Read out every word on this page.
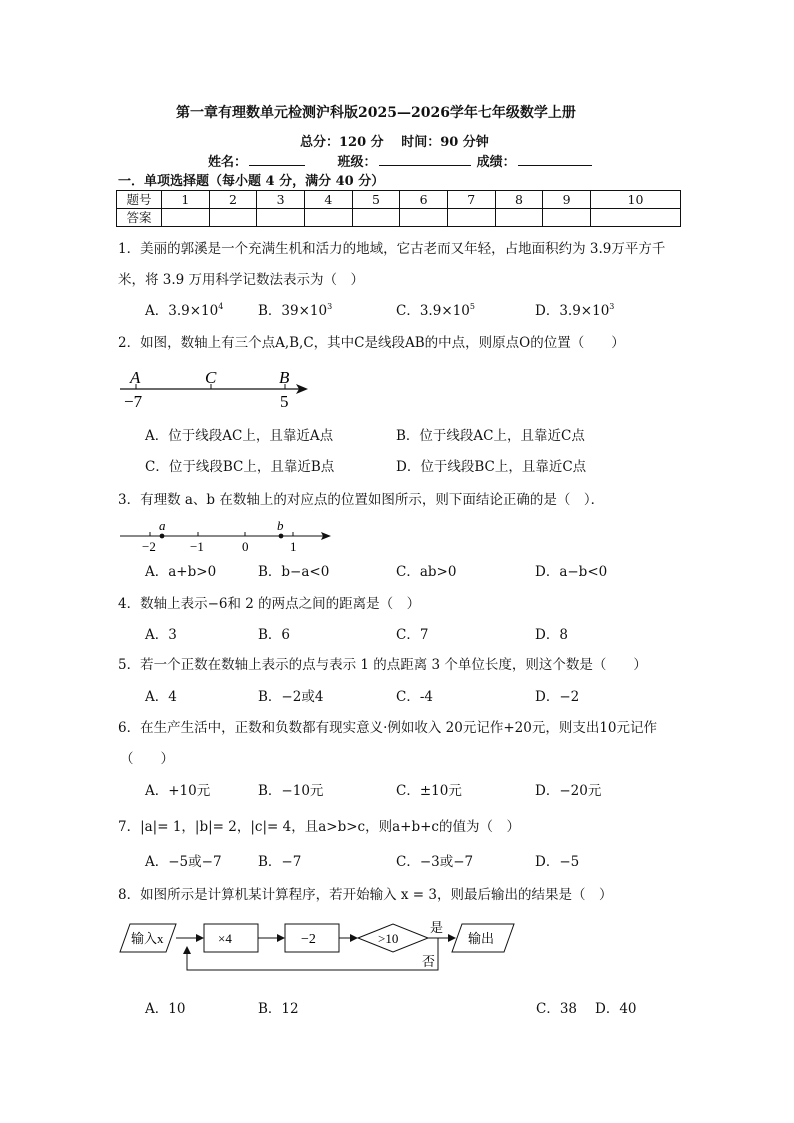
第一章有理数单元检测沪科版2025—2026学年七年级数学上册
总分：120 分　 时间：90 分钟
姓名：	班级：	成绩：
一．单项选择题（每小题 4 分，满分 40 分）
题号	1	2	3	4	5	6	7	8	9	10
答案										
1．美丽的郭溪是一个充满生机和活力的地域，它古老而又年轻，占地面积约为 3.9万平方千
米，将 3.9 万用科学记数法表示为（　）
A．$3.9\times 10^4$	B．$39\times 10^3$	C．$3.9\times 10^5$	D．$3.9\times 10^3$
2．如图，数轴上有三个点A,B,C，其中C是线段AB的中点，则原点O的位置（　　）
A	C	B
−7	5
A．位于线段AC上，且靠近A点	B．位于线段AC上，且靠近C点
C．位于线段BC上，且靠近B点	D．位于线段BC上，且靠近C点
3．有理数 a、b 在数轴上的对应点的位置如图所示，则下面结论正确的是（　）．
a	b
−2	−1	0	1
A．a+b>0	B．b−a<0	C．ab>0	D．a−b<0
4．数轴上表示−6和 2 的两点之间的距离是（　）
A．3	B．6	C．7	D．8
5．若一个正数在数轴上表示的点与表示 1 的点距离 3 个单位长度，则这个数是（　　）
A．4	B．−2或4	C．‐4	D．−2
6．在生产生活中，正数和负数都有现实意义·例如收入 20元记作+20元，则支出10元记作
（　　）
A．+10元	B．−10元	C．±10元	D．−20元
7．|a|= 1，|b|= 2，|c|= 4，且a>b>c，则a+b+c的值为（　）
A．−5或−7	B．−7	C．−3或−7	D．−5
8．如图所示是计算机某计算程序，若开始输入 x = 3，则最后输出的结果是（　）
输入x	×4	−2	>10
是
输出
否
A．10	B．12	C．38 D．40
